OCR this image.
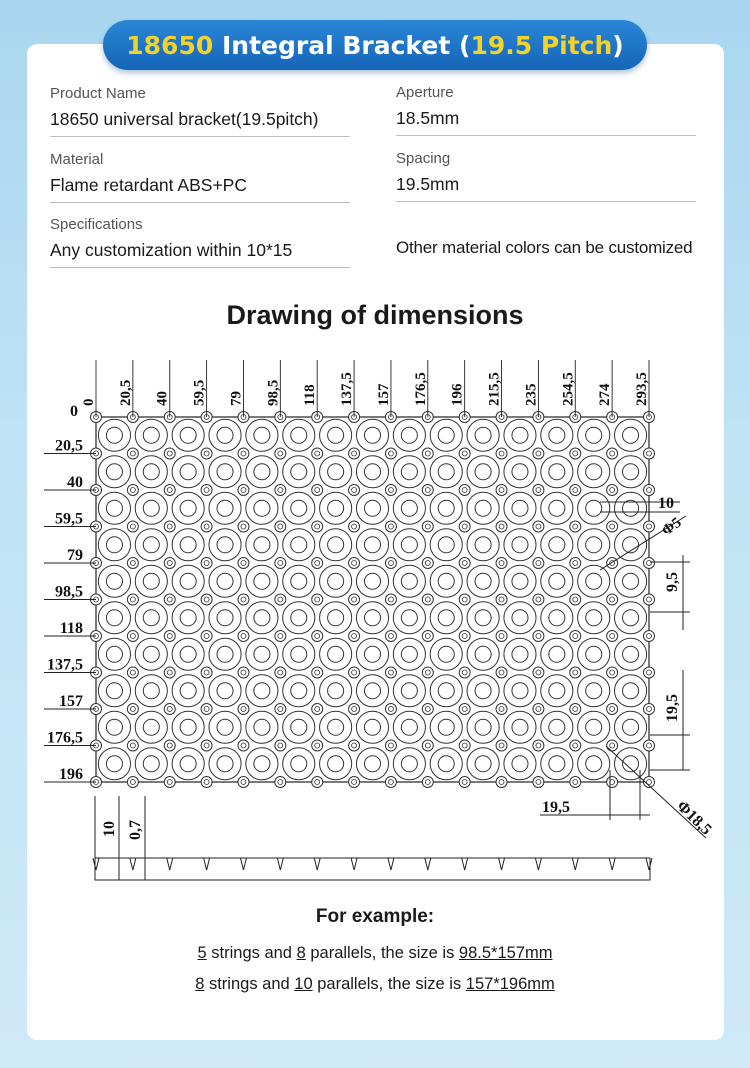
18650
Integral Bracket
( 19.5 Pitch )
Product Name
18650 universal bracket(19.5pitch)
Aperture
18.5mm
Material
Flame retardant ABS+PC
Spacing
19.5mm
Specifications
Any customization within 10*15	Other material colors can be customized
Drawing of dimensions
0 20,5 40 59,5 79 98,5 118 137,5 157 176,5 196 215,5 235 254,5 274 293,5
20,5
40
59,5
79
98,5
118
137,5
157
176,5
196
0
10
Φ5
9,5
19,5
19,5	Φ18,5
10 0,7
For example:
5 strings and 8 parallels, the size is 98.5*157mm
8 strings and 10 parallels, the size is 157*196mm
